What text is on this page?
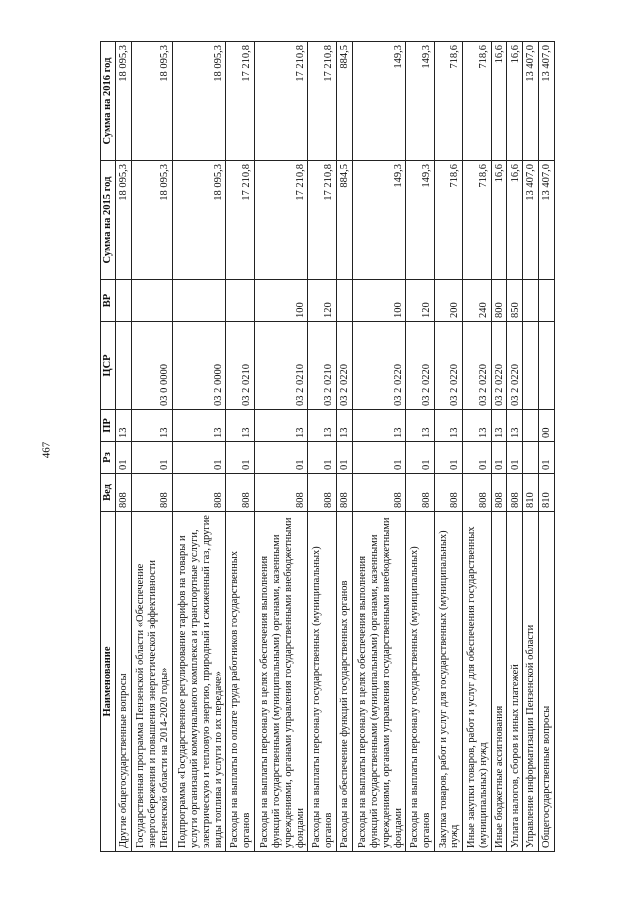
467
Наименование	Вед	Рз	ПР	ЦСР	ВР	Сумма на 2015 год	Сумма на 2016 год
Другие общегосударственные вопросы	808	01	13			18 095,3	18 095,3
Государственная программа Пензенской области «Обеспечение энергосбережения и повышения энергетической эффективности Пензенской области на 2014-2020 годы»	808	01	13	03 0 0000		18 095,3	18 095,3
Подпрограмма «Государственное регулирование тарифов на товары и услуги организаций коммунального комплекса и транспортные услуги, электрическую и тепловую энергию, природный и сжиженный газ, другие виды топлива и услуги по их передаче»	808	01	13	03 2 0000		18 095,3	18 095,3
Расходы на выплаты по оплате труда работников государственных органов	808	01	13	03 2 0210		17 210,8	17 210,8
Расходы на выплаты персоналу в целях обеспечения выполнения функций государственными (муниципальными) органами, казенными учреждениями, органами управления государственными внебюджетными фондами	808	01	13	03 2 0210	100	17 210,8	17 210,8
Расходы на выплаты персоналу государственных (муниципальных) органов	808	01	13	03 2 0210	120	17 210,8	17 210,8
Расходы на обеспечение функций государственных органов	808	01	13	03 2 0220		884,5	884,5
Расходы на выплаты персоналу в целях обеспечения выполнения функций государственными (муниципальными) органами, казенными учреждениями, органами управления государственными внебюджетными фондами	808	01	13	03 2 0220	100	149,3	149,3
Расходы на выплаты персоналу государственных (муниципальных) органов	808	01	13	03 2 0220	120	149,3	149,3
Закупка товаров, работ и услуг для государственных (муниципальных) нужд	808	01	13	03 2 0220	200	718,6	718,6
Иные закупки товаров, работ и услуг для обеспечения государственных (муниципальных) нужд	808	01	13	03 2 0220	240	718,6	718,6
Иные бюджетные ассигнования	808	01	13	03 2 0220	800	16,6	16,6
Уплата налогов, сборов и иных платежей	808	01	13	03 2 0220	850	16,6	16,6
Управление информатизации Пензенской области	810					13 407,0	13 407,0
Общегосударственные вопросы	810	01	00			13 407,0	13 407,0
